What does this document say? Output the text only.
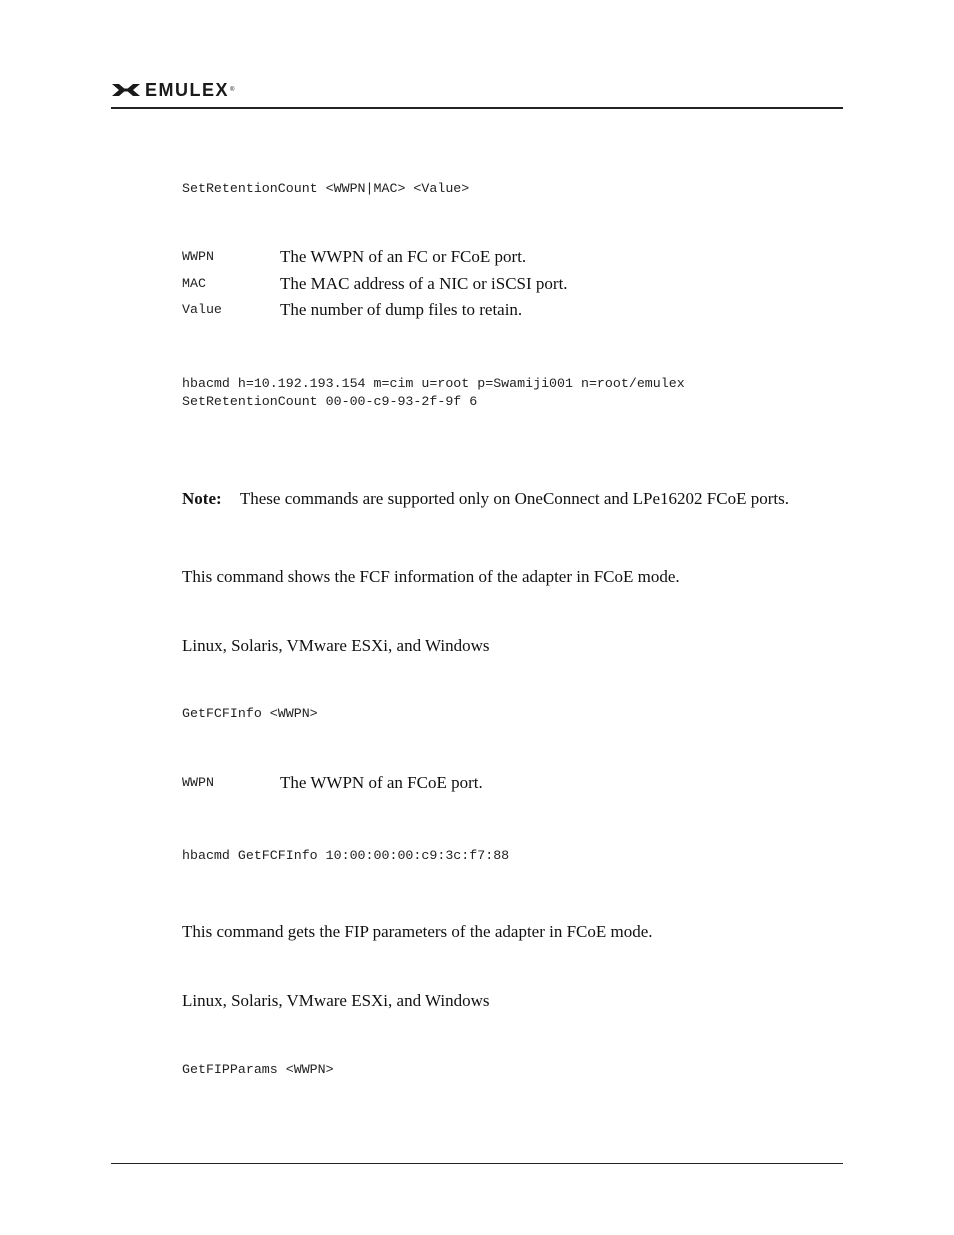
EMULEX ®
SetRetentionCount <WWPN|MAC> <Value>
WWPN	The WWPN of an FC or FCoE port.
MAC	The MAC address of a NIC or iSCSI port.
Value	The number of dump files to retain.
hbacmd h=10.192.193.154 m=cim u=root p=Swamiji001 n=root/emulex
SetRetentionCount 00-00-c9-93-2f-9f 6
Note: These commands are supported only on OneConnect and LPe16202 FCoE ports.
This command shows the FCF information of the adapter in FCoE mode.
Linux, Solaris, VMware ESXi, and Windows
GetFCFInfo <WWPN>
WWPN	The WWPN of an FCoE port.
hbacmd GetFCFInfo 10:00:00:00:c9:3c:f7:88
This command gets the FIP parameters of the adapter in FCoE mode.
Linux, Solaris, VMware ESXi, and Windows
GetFIPParams <WWPN>
